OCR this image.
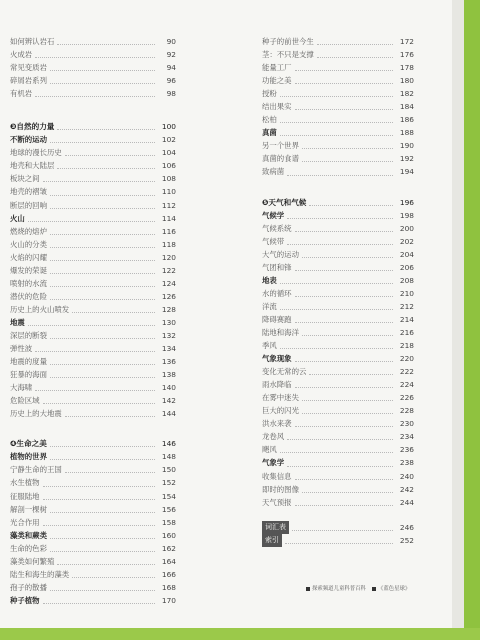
如何辨认岩石	90
火成岩	92
常见变质岩	94
碎屑岩系列	96
有机岩	98
❸自然的力量	100
不断的运动	102
地球的漫长历史	104
地壳和大陆层	106
板块之间	108
地壳的褶皱	110
断层的回响	112
火山	114
燃烧的熔炉	116
火山的分类	118
火焰的闪耀	120
爆发的荣诞	122
喷射的水流	124
潜伏的危险	126
历史上的火山喷发	128
地震	130
深层的断裂	132
弹性波	134
地震的度量	136
狂暴的海面	138
大海啸	140
危险区域	142
历史上的大地震	144
❹生命之美	146
植物的世界	148
宁静生命的王国	150
水生植物	152
征服陆地	154
解剖一棵树	156
光合作用	158
藻类和蕨类	160
生命的色彩	162
藻类如何繁殖	164
陆生和海生的藻类	166
孢子的散播	168
种子植物	170
种子的前世今生	172
茎：不只是支撑	176
能量工厂	178
功能之美	180
授粉	182
结出果实	184
松柏	186
真菌	188
另一个世界	190
真菌的食谱	192
致病菌	194
❺天气和气候	196
气候学	198
气候系统	200
气候带	202
大气的运动	204
气团和锋	206
地表	208
水的循环	210
洋流	212
降碍赛跑	214
陆地和海洋	216
季风	218
气象现象	220
变化无常的云	222
雨水降临	224
在雾中迷失	226
巨大的闪光	228
洪水来袭	230
龙卷风	234
飓风	236
气象学	238
收集信息	240
即时的图像	242
天气预报	244
词汇表	246
索引	252
探索频道儿童科普百科 《蓝色星球》
